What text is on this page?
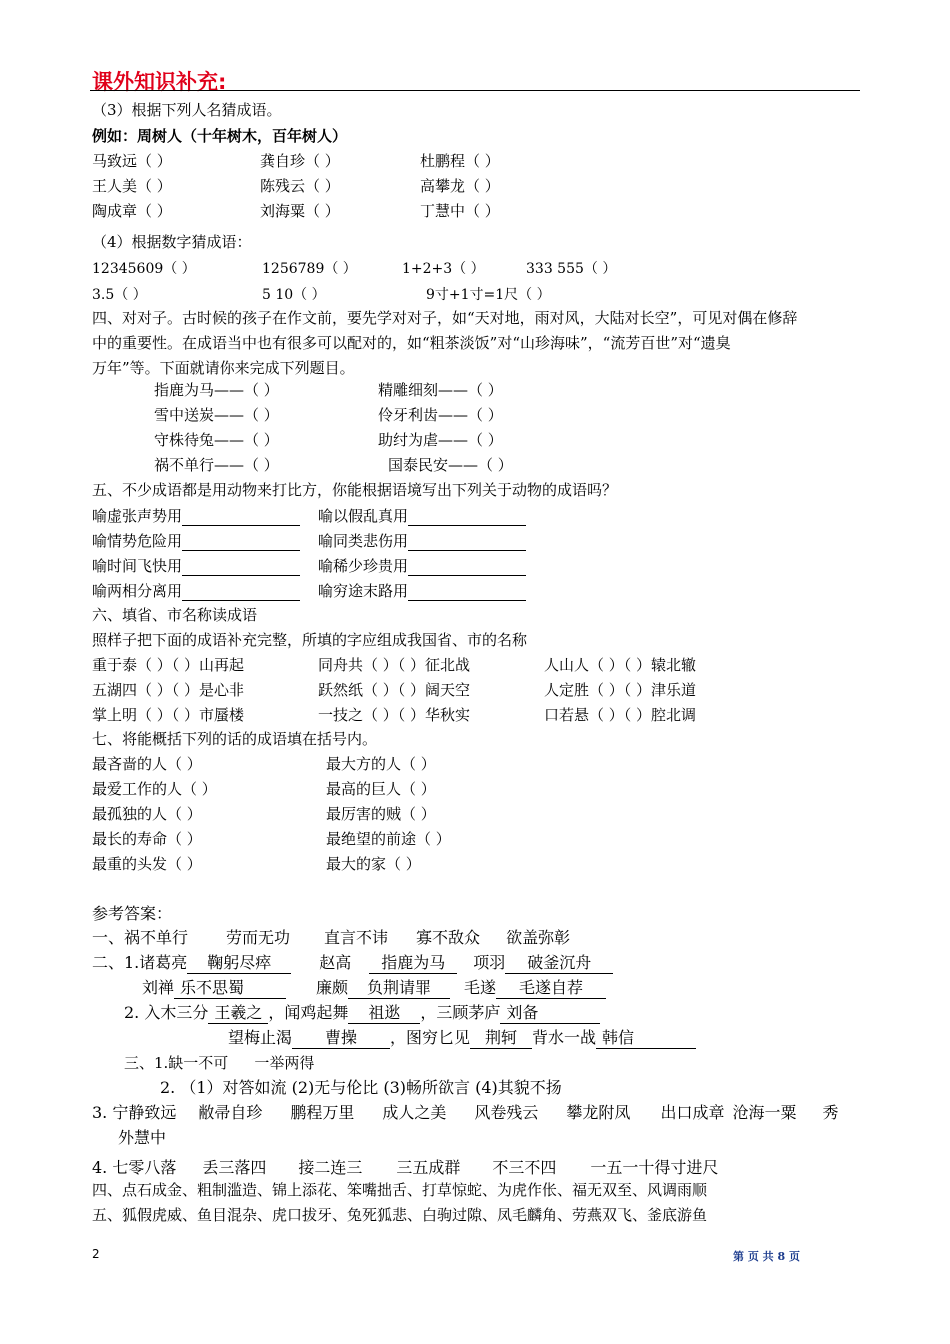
课外知识补充:
（3）根据下列人名猜成语。
例如：周树人（十年树木，百年树人）
马致远（ ）	龚自珍（ ）	杜鹏程（ ）
王人美（ ）	陈残云（ ）	高攀龙（ ）
陶成章（ ）	刘海粟（ ）	丁慧中（ ）
（4）根据数字猜成语：
12345609（ ）	1256789（ ）	1+2+3（ ）	333 555（ ）
3.5（ ）	5 10（ ）	9寸+1寸=1尺（ ）
四、对对子。古时候的孩子在作文前，要先学对对子，如“天对地，雨对风，大陆对长空”，可见对偶在修辞
中的重要性。在成语当中也有很多可以配对的，如“粗茶淡饭”对“山珍海味”，“流芳百世”对“遗臭
万年”等。下面就请你来完成下列题目。
指鹿为马——（ ）	精雕细刻——（ ）
雪中送炭——（ ）	伶牙利齿——（ ）
守株待兔——（ ）	助纣为虐——（ ）
祸不单行——（ ）	国泰民安——（ ）
五、不少成语都是用动物来打比方，你能根据语境写出下列关于动物的成语吗？
喻虚张声势用	喻以假乱真用
喻情势危险用	喻同类悲伤用
喻时间飞快用	喻稀少珍贵用
喻两相分离用	喻穷途末路用
六、填省、市名称读成语
照样子把下面的成语补充完整，所填的字应组成我国省、市的名称
重于泰（ ）（ ）山再起	同舟共（ ）（ ）征北战	人山人（ ）（ ）辕北辙
五湖四（ ）（ ）是心非	跃然纸（ ）（ ）阔天空	人定胜（ ）（ ）津乐道
掌上明（ ）（ ）市蜃楼	一技之（ ）（ ）华秋实	口若悬（ ）（ ）腔北调
七、将能概括下列的话的成语填在括号内。
最吝啬的人（ ）	最大方的人（ ）
最爱工作的人（ ）	最高的巨人（ ）
最孤独的人（ ）	最厉害的贼（ ）
最长的寿命（ ）	最绝望的前途（ ）
最重的头发（ ）	最大的家（ ）
参考答案：
一、祸不单行 劳而无功 直言不讳 寡不敌众 欲盖弥彰
二、1.诸葛亮 鞠躬尽瘁	赵高 指鹿为马 项羽 破釜沉舟
刘禅 乐不思蜀	廉颇 负荆请罪 毛遂 毛遂自荐
2. 入木三分 王羲之 ，闻鸡起舞 祖逖 ，三顾茅庐 刘备
望梅止渴 曹操 ，图穷匕见 荆轲 背水一战 韩信
三、1.缺一不可 一举两得
2. （1）对答如流 (2)无与伦比 (3)畅所欲言 (4)其貌不扬
3. 宁静致远 敝帚自珍 鹏程万里 成人之美 风卷残云 攀龙附凤 出口成章 沧海一粟 秀
外慧中
4. 七零八落 丢三落四 接二连三 三五成群 不三不四 一五一十得寸进尺
四、点石成金、粗制滥造、锦上添花、笨嘴拙舌、打草惊蛇、为虎作伥、福无双至、风调雨顺
五、狐假虎威、鱼目混杂、虎口拔牙、兔死狐悲、白驹过隙、凤毛麟角、劳燕双飞、釜底游鱼
2	第 页 共 8 页
